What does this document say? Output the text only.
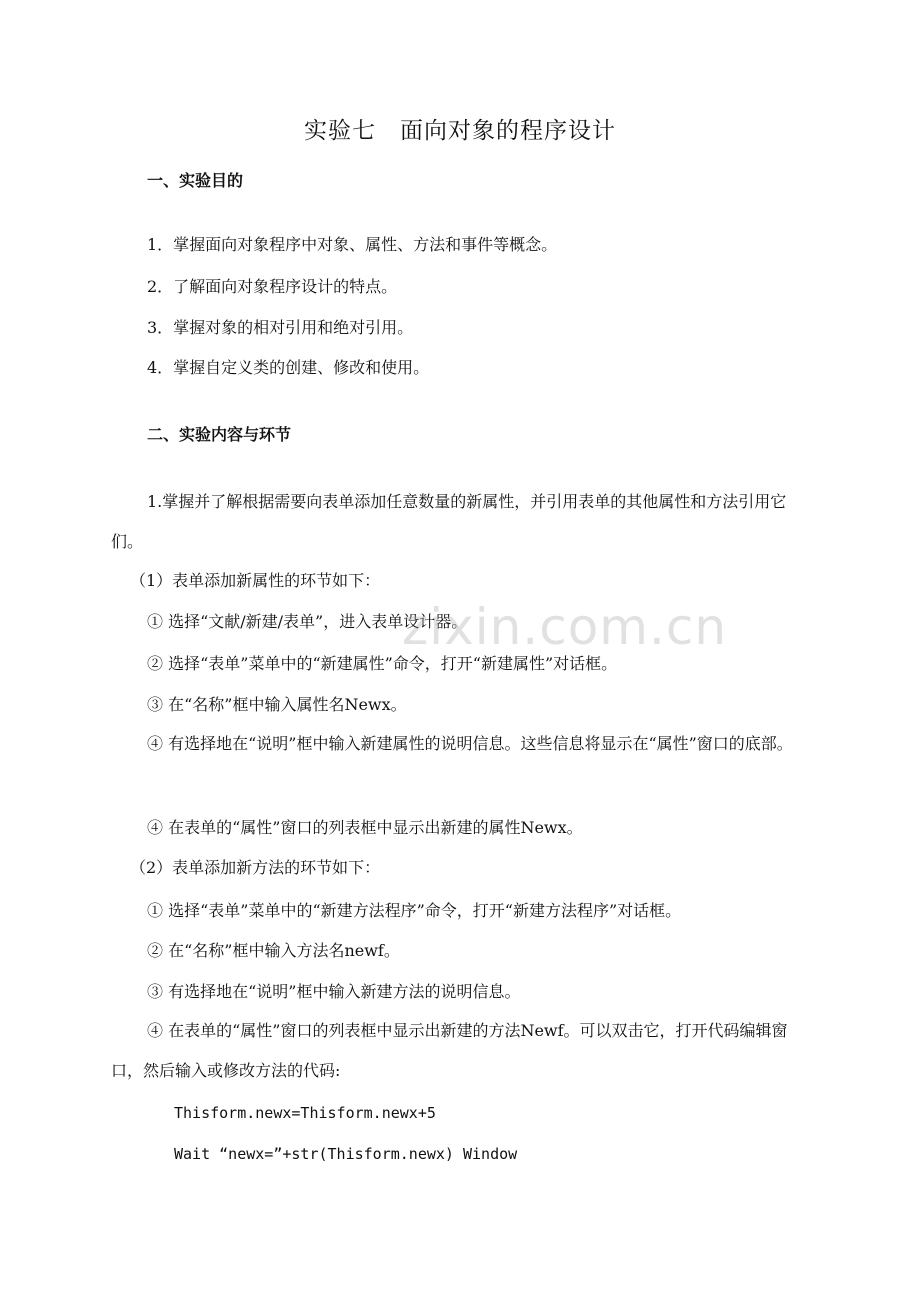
实验七　面向对象的程序设计
一、实验目的
1．掌握面向对象程序中对象、属性、方法和事件等概念。
2．了解面向对象程序设计的特点。
3．掌握对象的相对引用和绝对引用。
4．掌握自定义类的创建、修改和使用。
二、实验内容与环节
1.掌握并了解根据需要向表单添加任意数量的新属性，并引用表单的其他属性和方法引用它们。
（1）表单添加新属性的环节如下：
① 选择“文献/新建/表单”，进入表单设计器。
② 选择“表单”菜单中的“新建属性”命令，打开“新建属性”对话框。
③ 在“名称”框中输入属性名Newx。
④ 有选择地在“说明”框中输入新建属性的说明信息。这些信息将显示在“属性”窗口的底部。
④ 在表单的“属性”窗口的列表框中显示出新建的属性Newx。
（2）表单添加新方法的环节如下：
① 选择“表单”菜单中的“新建方法程序”命令，打开“新建方法程序”对话框。
② 在“名称”框中输入方法名newf。
③ 有选择地在“说明”框中输入新建方法的说明信息。
④ 在表单的“属性”窗口的列表框中显示出新建的方法Newf。可以双击它，打开代码编辑窗口，然后输入或修改方法的代码:
Thisform.newx=Thisform.newx+5
Wait “newx=”+str(Thisform.newx) Window
zixin.com.cn
